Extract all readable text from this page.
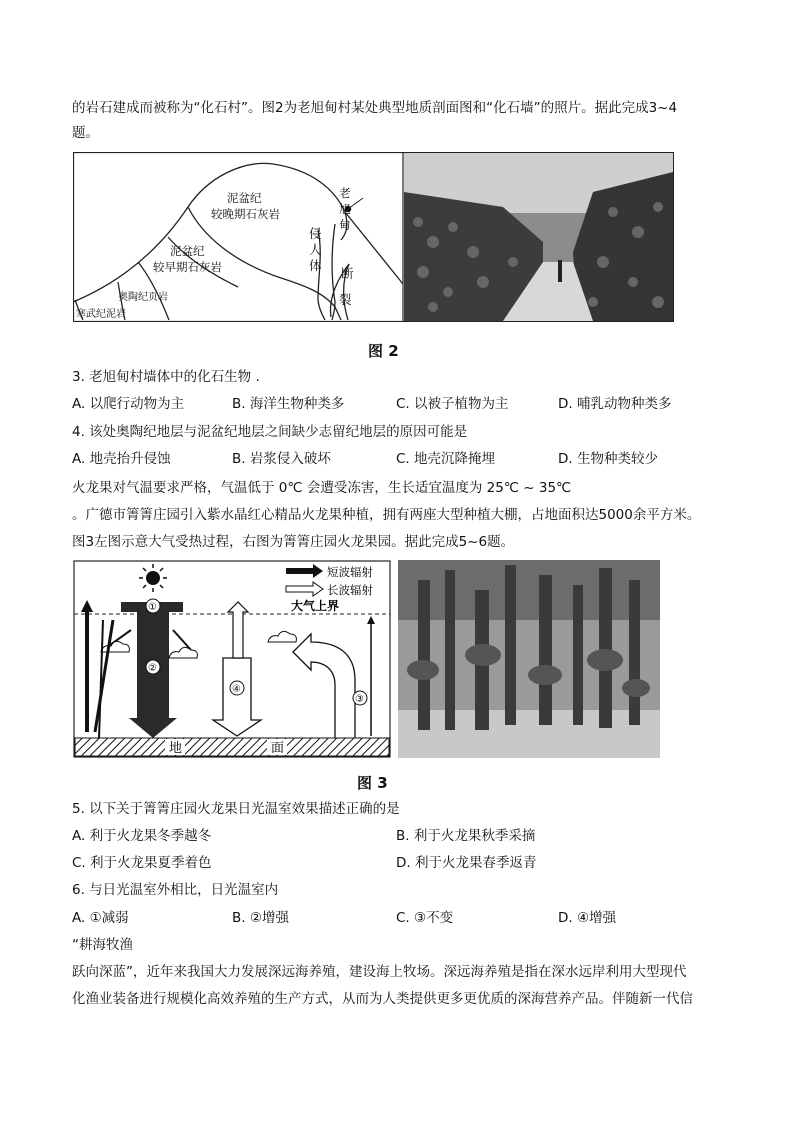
的岩石建成而被称为“化石村”。图2为老旭甸村某处典型地质剖面图和“化石墙”的照片。据此完成3~4
题。
泥盆纪
较晚期石灰岩
泥盆纪
较早期石灰岩
奥陶纪页岩
寒武纪泥岩
老
旭
甸
侵
人
体
断
裂
图 2
3. 老旭甸村墙体中的化石生物 .
A. 以爬行动物为主	B. 海洋生物种类多	C. 以被子植物为主	D. 哺乳动物种类多
4. 该处奥陶纪地层与泥盆纪地层之间缺少志留纪地层的原因可能是
A. 地壳抬升侵蚀	B. 岩浆侵入破坏	C. 地壳沉降掩埋	D. 生物种类较少
火龙果对气温要求严格，气温低于 0℃ 会遭受冻害，生长适宜温度为 25℃ ~ 35℃
。广德市箐箐庄园引入紫水晶红心精品火龙果种植，拥有两座大型种植大棚，占地面积达5000余平方米。
图3左图示意大气受热过程，右图为箐箐庄园火龙果园。据此完成5~6题。
短波辐射
长波辐射
大气上界
①
②
④
③
地	面
图 3
5. 以下关于箐箐庄园火龙果日光温室效果描述正确的是
A. 利于火龙果冬季越冬	B. 利于火龙果秋季采摘
C. 利于火龙果夏季着色	D. 利于火龙果春季返青
6. 与日光温室外相比，日光温室内
A. ①减弱	B. ②增强	C. ③不变	D. ④增强
“耕海牧渔
跃向深蓝”，近年来我国大力发展深远海养殖，建设海上牧场。深远海养殖是指在深水远岸利用大型现代
化渔业装备进行规模化高效养殖的生产方式，从而为人类提供更多更优质的深海营养产品。伴随新一代信
